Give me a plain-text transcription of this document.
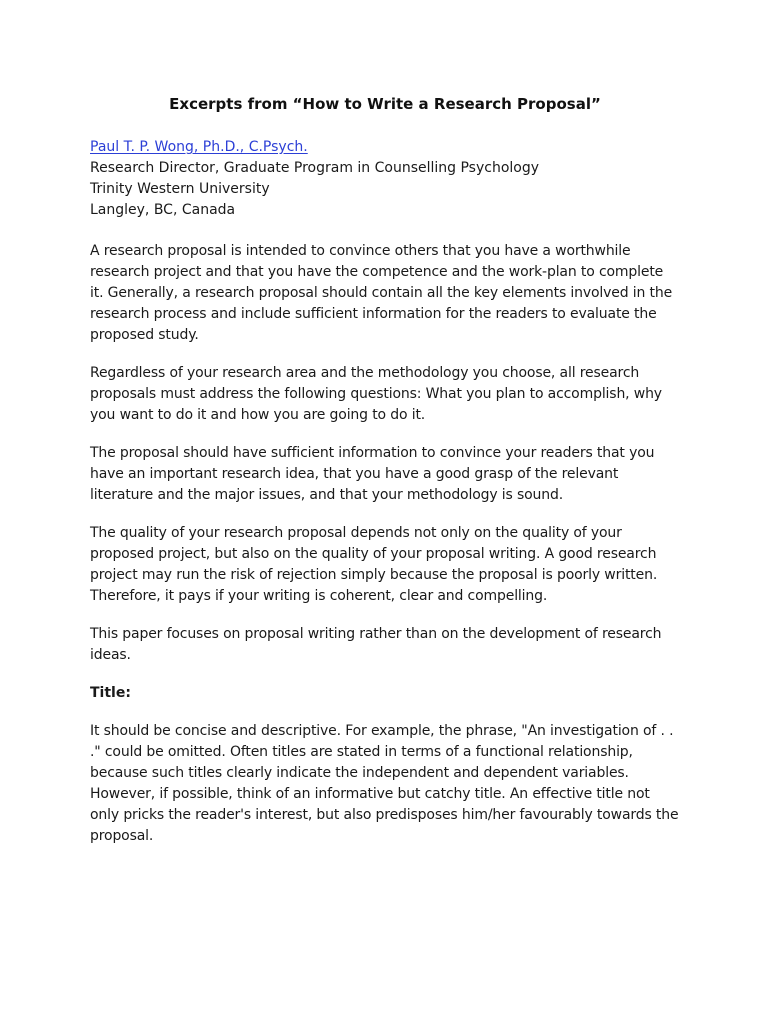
Excerpts from “How to Write a Research Proposal”
Paul T. P. Wong, Ph.D., C.Psych.
Research Director, Graduate Program in Counselling Psychology
Trinity Western University
Langley, BC, Canada

A research proposal is intended to convince others that you have a worthwhile research project and that you have the competence and the work-plan to complete it. Generally, a research proposal should contain all the key elements involved in the research process and include sufficient information for the readers to evaluate the proposed study.

Regardless of your research area and the methodology you choose, all research proposals must address the following questions: What you plan to accomplish, why you want to do it and how you are going to do it.

The proposal should have sufficient information to convince your readers that you have an important research idea, that you have a good grasp of the relevant literature and the major issues, and that your methodology is sound.

The quality of your research proposal depends not only on the quality of your proposed project, but also on the quality of your proposal writing. A good research project may run the risk of rejection simply because the proposal is poorly written. Therefore, it pays if your writing is coherent, clear and compelling.

This paper focuses on proposal writing rather than on the development of research ideas.

Title:

It should be concise and descriptive. For example, the phrase, "An investigation of . . ." could be omitted. Often titles are stated in terms of a functional relationship, because such titles clearly indicate the independent and dependent variables. However, if possible, think of an informative but catchy title. An effective title not only pricks the reader's interest, but also predisposes him/her favourably towards the proposal.
